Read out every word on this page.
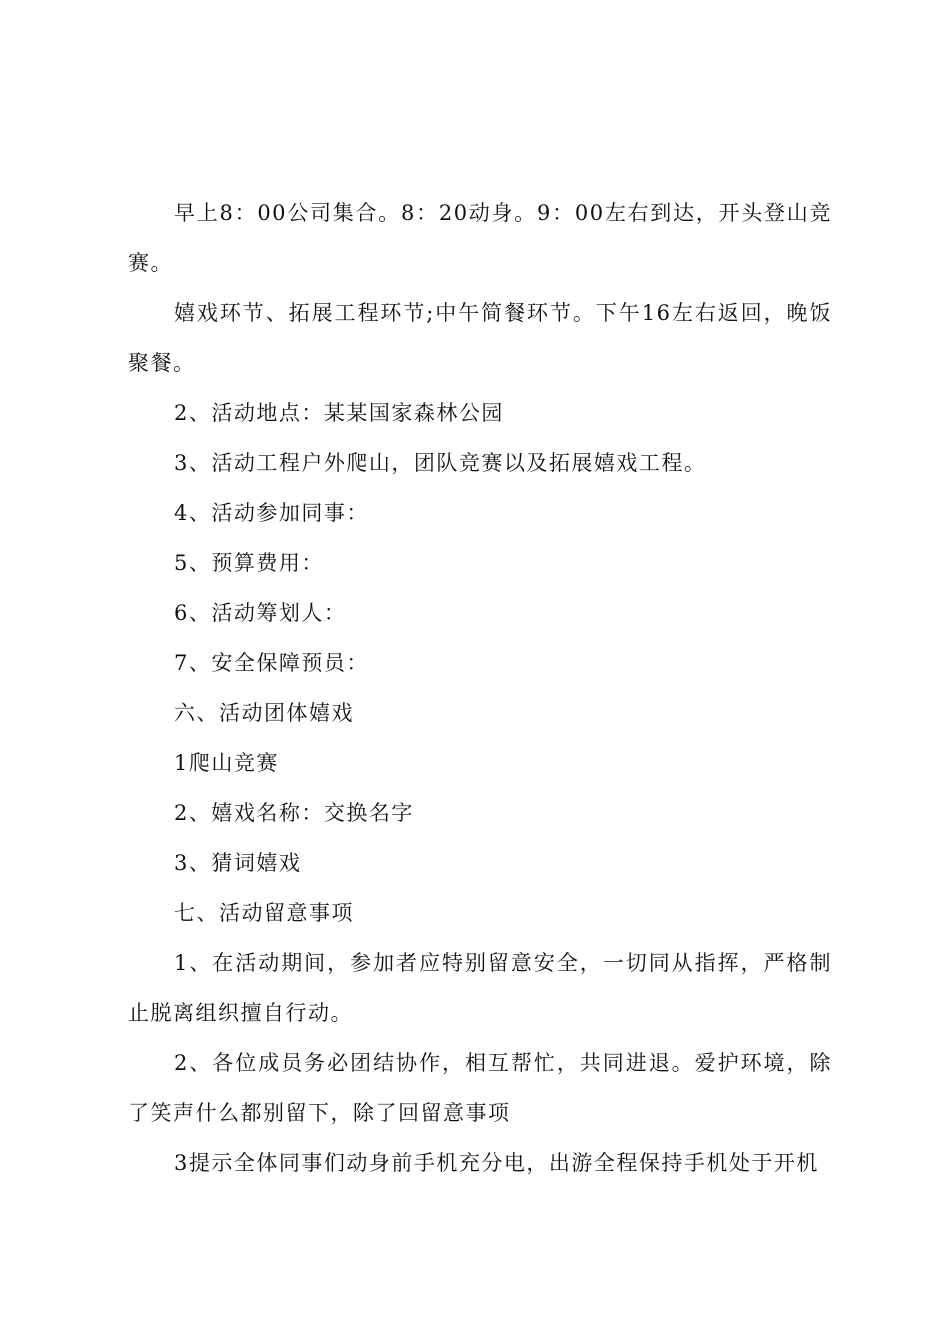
早上8：00公司集合。8：20动身。9：00左右到达，开头登山竞赛。

嬉戏环节、拓展工程环节;中午简餐环节。下午16左右返回，晚饭聚餐。

2、活动地点：某某国家森林公园

3、活动工程户外爬山，团队竞赛以及拓展嬉戏工程。

4、活动参加同事：

5、预算费用：

6、活动筹划人：

7、安全保障预员：

六、活动团体嬉戏

1爬山竞赛

2、嬉戏名称：交换名字

3、猜词嬉戏

七、活动留意事项

1、在活动期间，参加者应特别留意安全，一切同从指挥，严格制止脱离组织擅自行动。

2、各位成员务必团结协作，相互帮忙，共同进退。爱护环境，除了笑声什么都别留下，除了回留意事项

3提示全体同事们动身前手机充分电，出游全程保持手机处于开机
